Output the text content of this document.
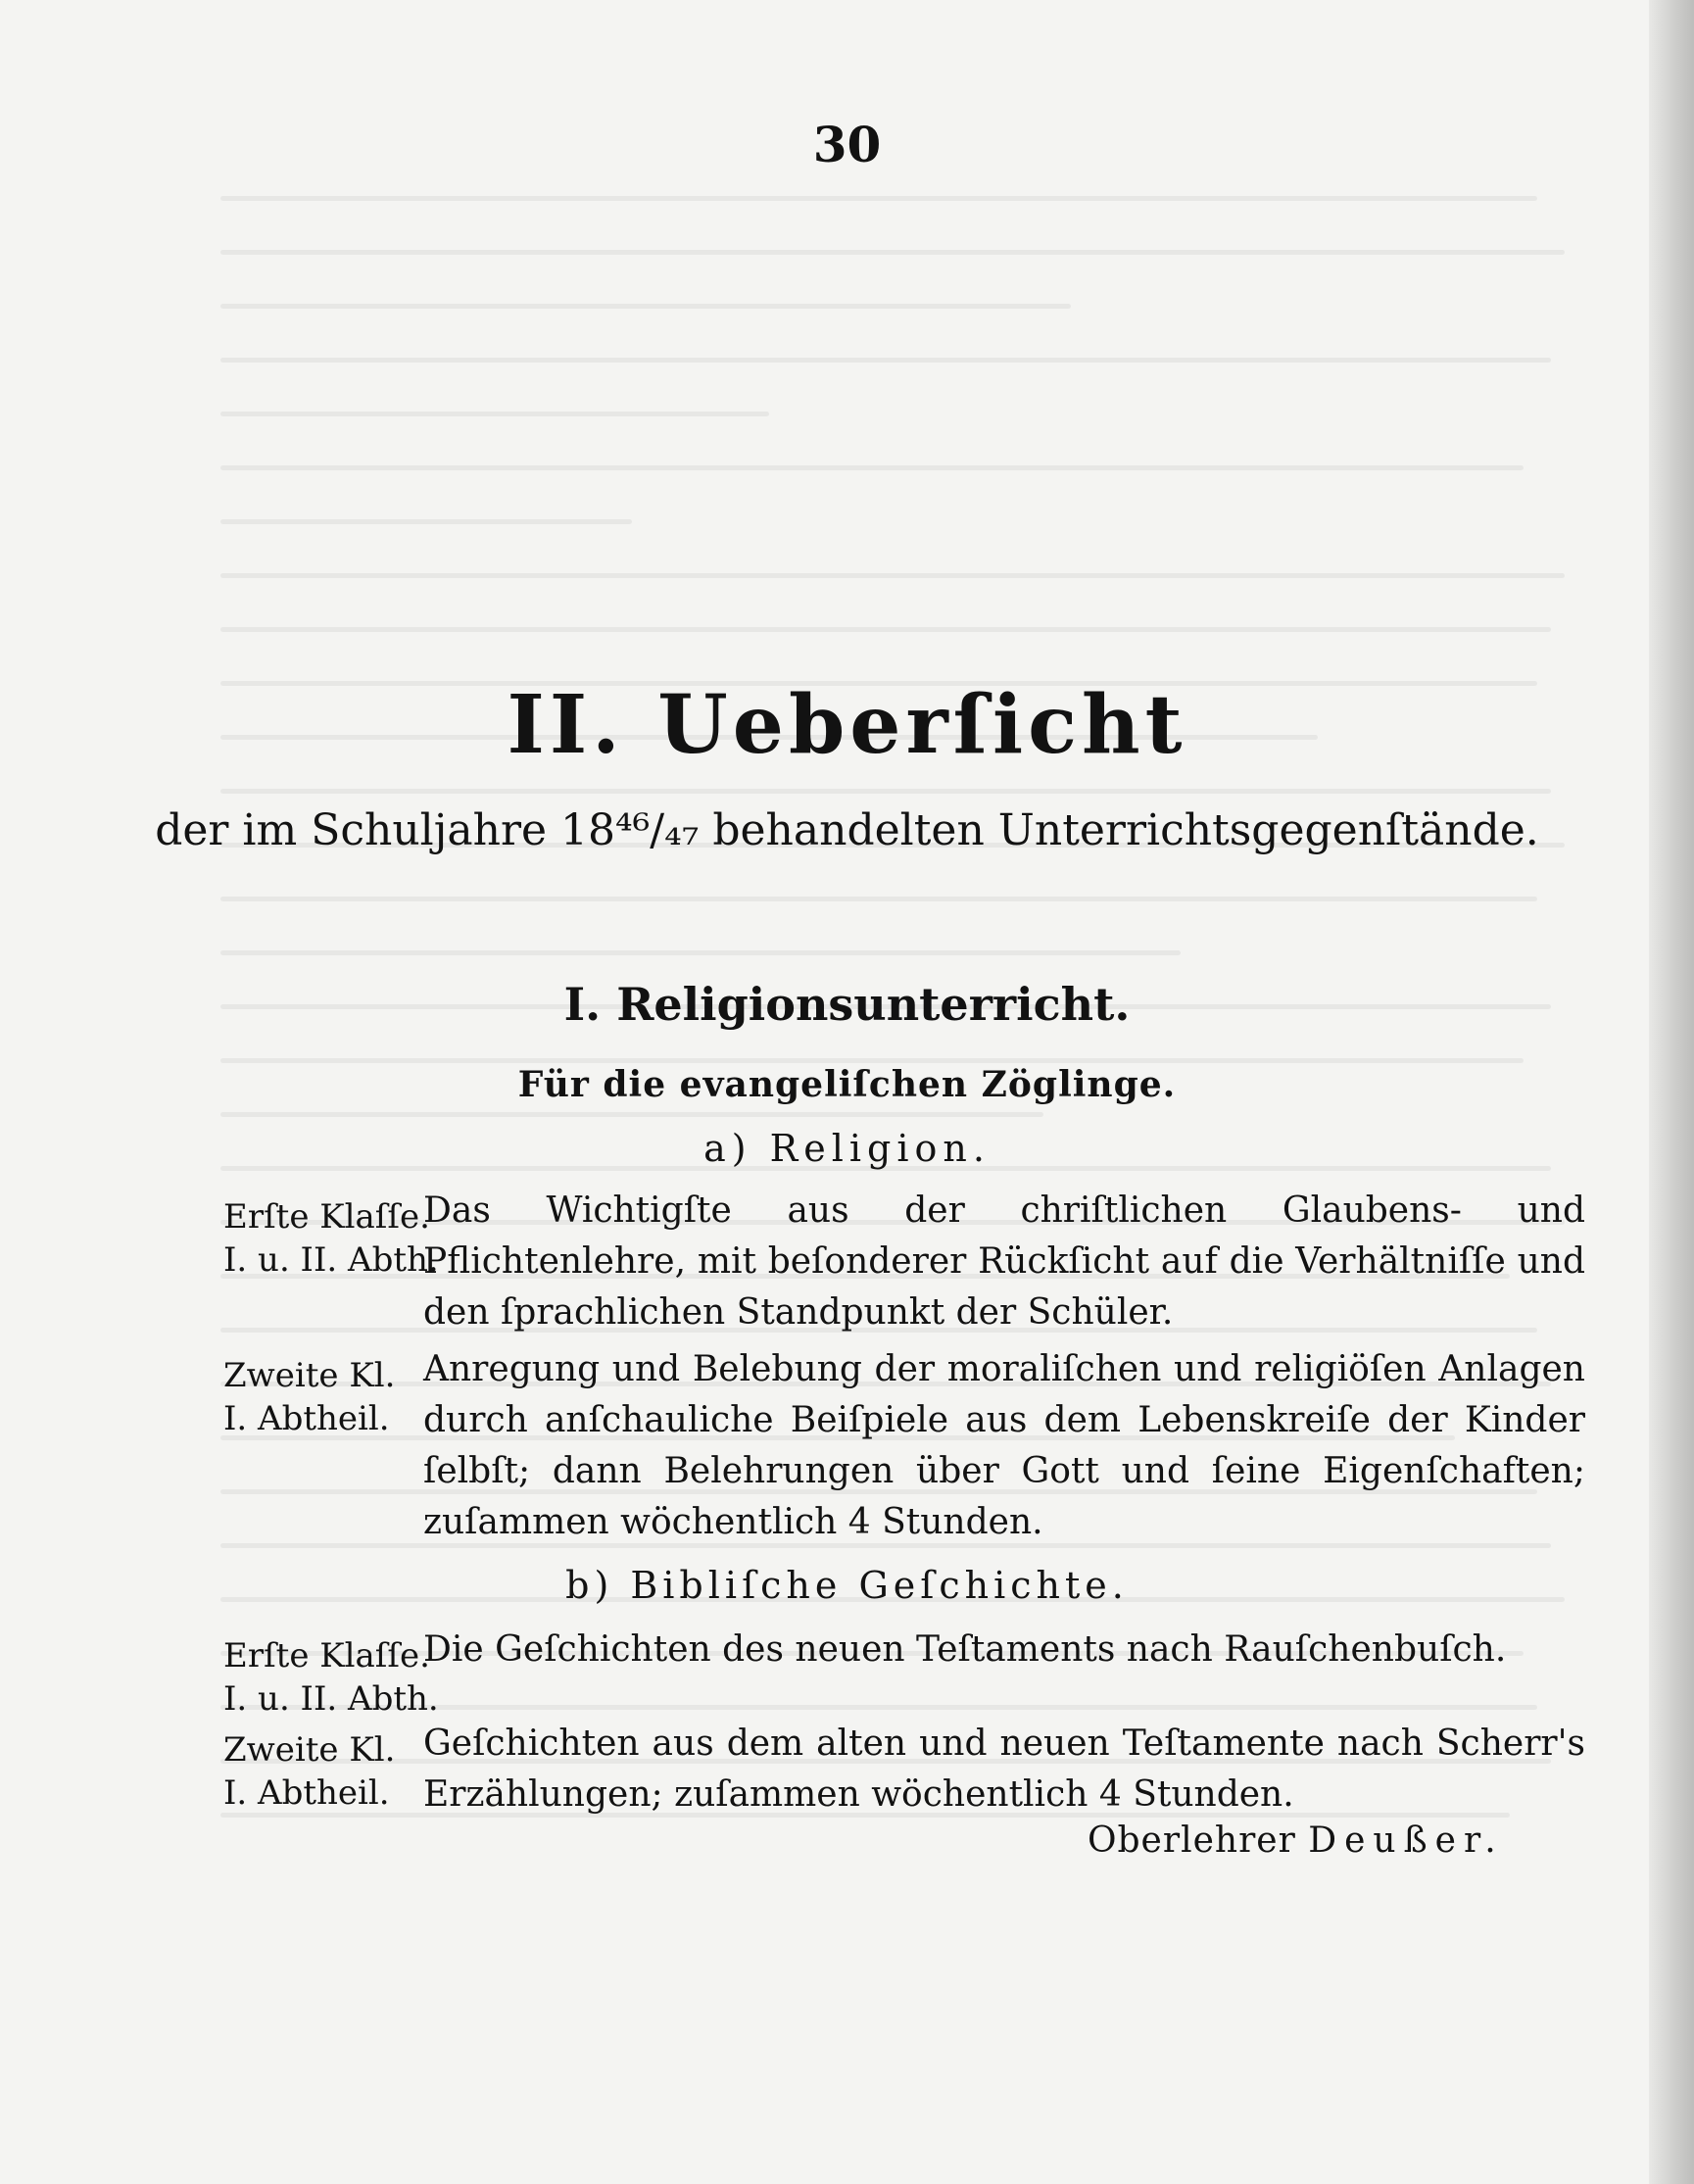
30
II. Ueberſicht
der im Schuljahre 18⁴⁶/₄₇ behandelten Unterrichtsgegenſtände.
I. Religionsunterricht.
Für die evangeliſchen Zöglinge.
a) Religion.
Erſte Klaſſe.
I. u. II. Abth.
Das Wichtigſte aus der chriſtlichen Glaubens- und Pflichtenlehre, mit beſonderer Rückſicht auf die Verhältniſſe und den ſprachlichen Standpunkt der Schüler.
Zweite Kl.
I. Abtheil.
Anregung und Belebung der moraliſchen und religiöſen Anlagen durch anſchauliche Beiſpiele aus dem Lebenskreiſe der Kinder ſelbſt; dann Belehrungen über Gott und ſeine Eigenſchaften; zuſammen wöchentlich 4 Stunden.
b) Bibliſche Geſchichte.
Erſte Klaſſe.
I. u. II. Abth.
Die Geſchichten des neuen Teſtaments nach Rauſchenbuſch.
Zweite Kl.
I. Abtheil.
Geſchichten aus dem alten und neuen Teſtamente nach Scherr's Erzählungen; zuſammen wöchentlich 4 Stunden.
Oberlehrer Deußer.
